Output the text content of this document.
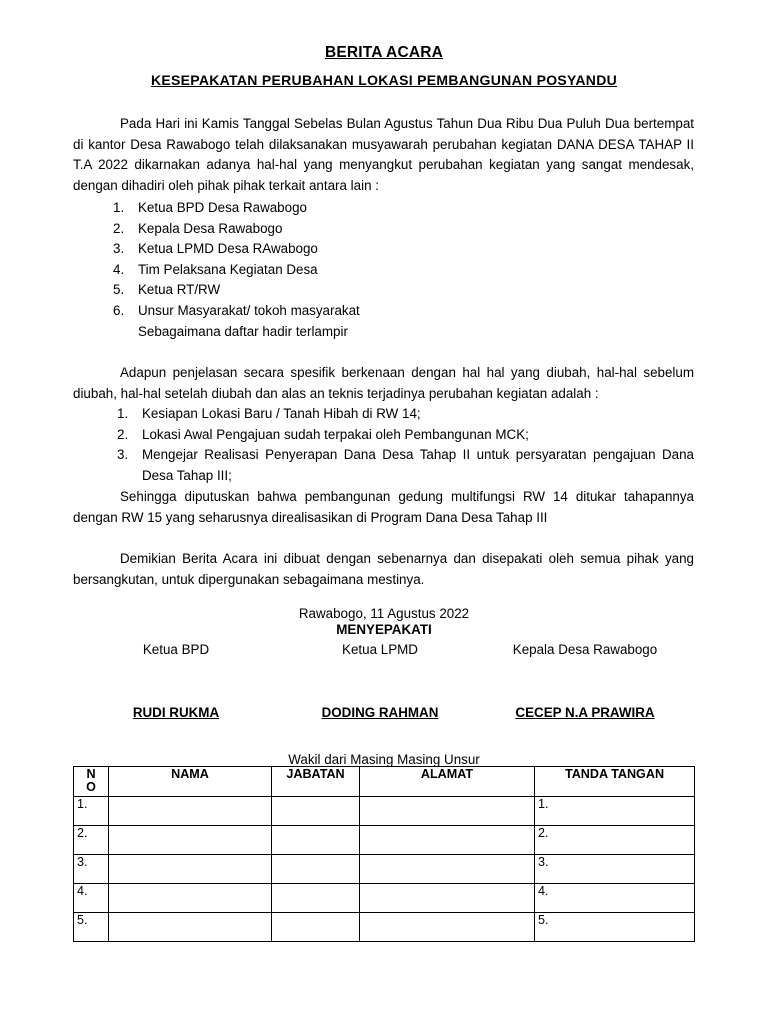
BERITA ACARA
KESEPAKATAN PERUBAHAN LOKASI PEMBANGUNAN POSYANDU

Pada Hari ini Kamis Tanggal Sebelas Bulan Agustus Tahun Dua Ribu Dua Puluh Dua bertempat di kantor Desa Rawabogo telah dilaksanakan musyawarah perubahan kegiatan DANA DESA TAHAP II T.A 2022 dikarnakan adanya hal-hal yang menyangkut perubahan kegiatan yang sangat mendesak, dengan dihadiri oleh pihak pihak terkait antara lain :

1. Ketua BPD Desa Rawabogo
2. Kepala Desa Rawabogo
3. Ketua LPMD Desa RAwabogo
4. Tim Pelaksana Kegiatan Desa
5. Ketua RT/RW
6. Unsur Masyarakat/ tokoh masyarakat
Sebagaimana daftar hadir terlampir

Adapun penjelasan secara spesifik berkenaan dengan hal hal yang diubah, hal-hal sebelum diubah, hal-hal setelah diubah dan alas an teknis terjadinya perubahan kegiatan adalah :

1. Kesiapan Lokasi Baru / Tanah Hibah di RW 14;
2. Lokasi Awal Pengajuan sudah terpakai oleh Pembangunan MCK;
3. Mengejar Realisasi Penyerapan Dana Desa Tahap II untuk persyaratan pengajuan Dana Desa Tahap III;

Sehingga diputuskan bahwa pembangunan gedung multifungsi RW 14 ditukar tahapannya dengan RW 15 yang seharusnya direalisasikan di Program Dana Desa Tahap III

Demikian Berita Acara ini dibuat dengan sebenarnya dan disepakati oleh semua pihak yang bersangkutan, untuk dipergunakan sebagaimana mestinya.

Rawabogo, 11 Agustus 2022
MENYEPAKATI
Ketua BPD	Ketua LPMD	Kepala Desa Rawabogo
RUDI RUKMA	DODING RAHMAN	CECEP N.A PRAWIRA
Wakil dari Masing Masing Unsur
N
O	NAMA	JABATAN	ALAMAT	TANDA TANGAN
1.				1.
2.				2.
3.				3.
4.				4.
5.				5.
